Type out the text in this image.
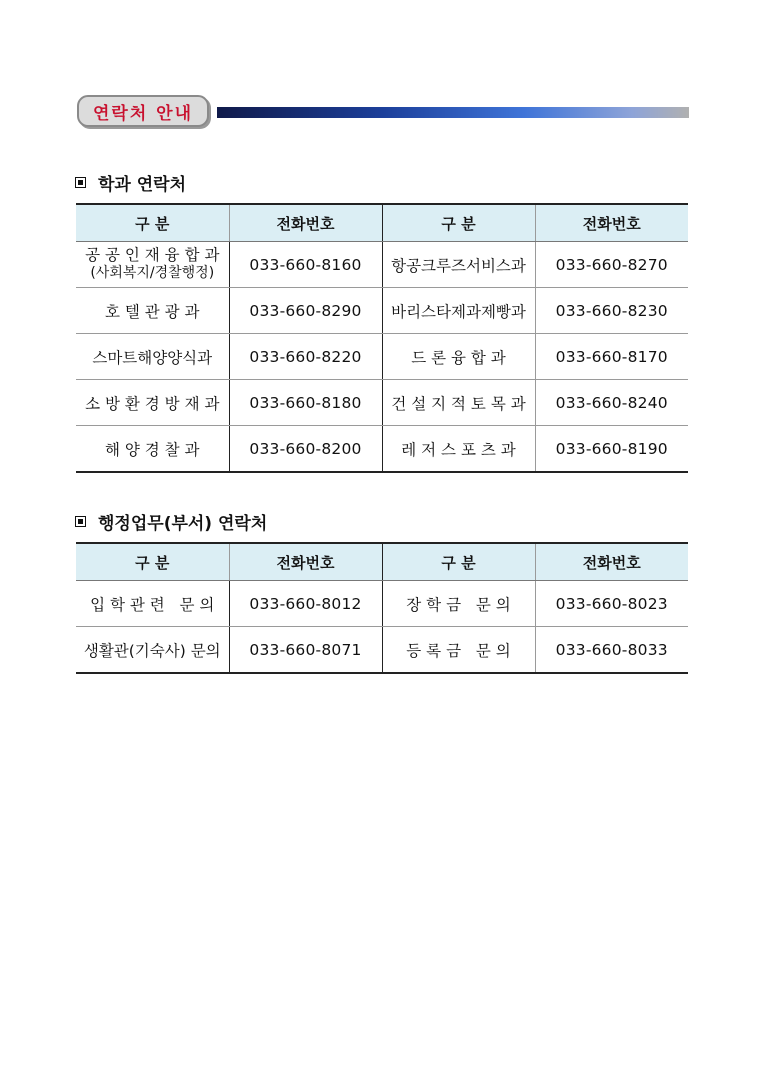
연락처 안내
학과 연락처
구 분	전화번호	구 분	전화번호
공 공 인 재 융 합 과
(사회복지/경찰행정)	033-660-8160	항공크루즈서비스과	033-660-8270
호 텔 관 광 과	033-660-8290	바리스타제과제빵과	033-660-8230
스마트해양양식과	033-660-8220	드 론 융 합 과	033-660-8170
소 방 환 경 방 재 과	033-660-8180	건 설 지 적 토 목 과	033-660-8240
해 양 경 찰 과	033-660-8200	레 저 스 포 츠 과	033-660-8190
행정업무(부서) 연락처
구 분	전화번호	구 분	전화번호
입 학 관 련   문 의	033-660-8012	장 학 금   문 의	033-660-8023
생활관(기숙사) 문의	033-660-8071	등 록 금   문 의	033-660-8033
